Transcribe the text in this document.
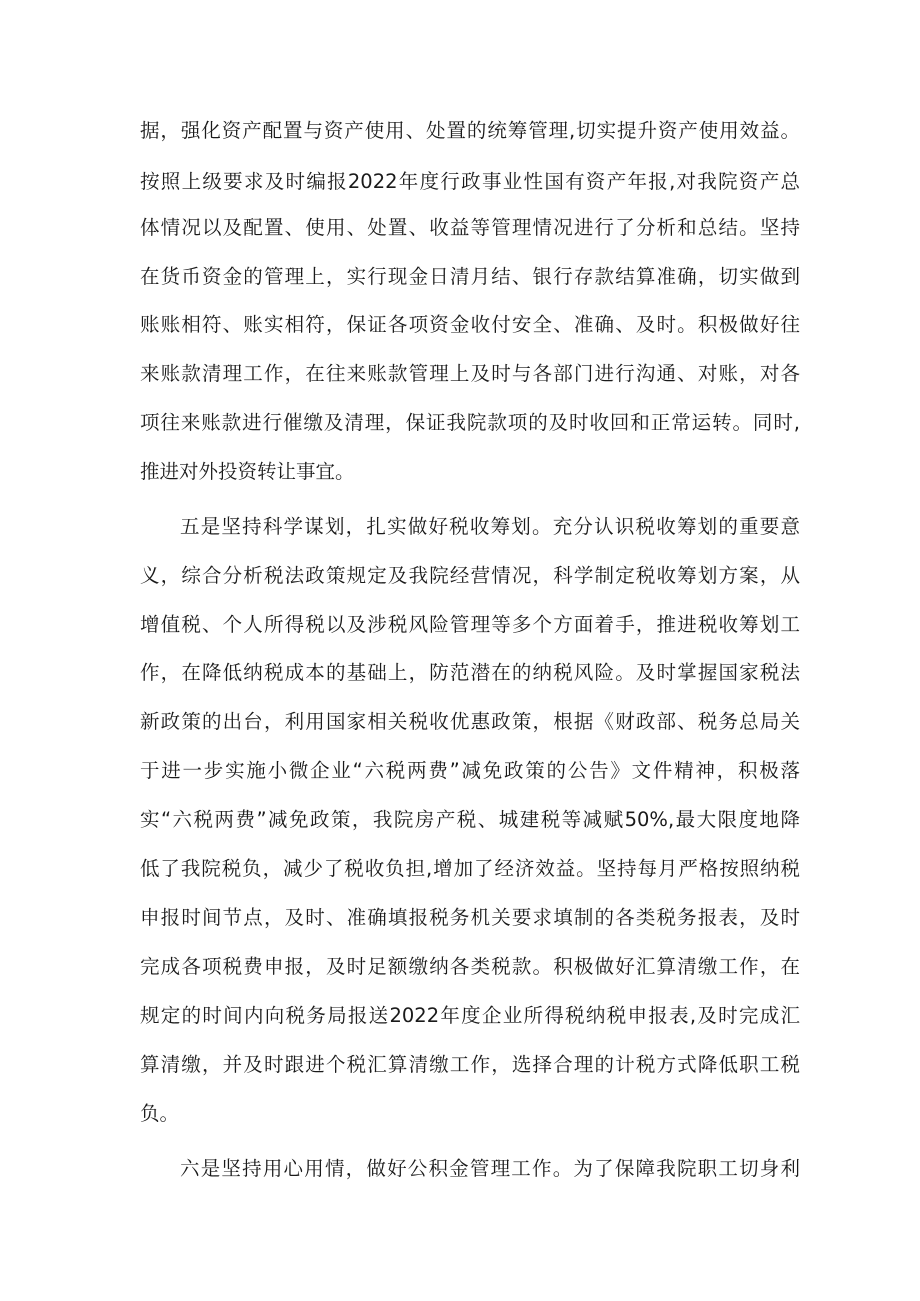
据，强化资产配置与资产使用、处置的统筹管理,切实提升资产使用效益。
按照上级要求及时编报2022年度行政事业性国有资产年报,对我院资产总
体情况以及配置、使用、处置、收益等管理情况进行了分析和总结。坚持
在货币资金的管理上，实行现金日清月结、银行存款结算准确，切实做到
账账相符、账实相符，保证各项资金收付安全、准确、及时。积极做好往
来账款清理工作，在往来账款管理上及时与各部门进行沟通、对账，对各
项往来账款进行催缴及清理，保证我院款项的及时收回和正常运转。同时,
推进对外投资转让事宜。
五是坚持科学谋划，扎实做好税收筹划。充分认识税收筹划的重要意
义，综合分析税法政策规定及我院经营情况，科学制定税收筹划方案，从
增值税、个人所得税以及涉税风险管理等多个方面着手，推进税收筹划工
作，在降低纳税成本的基础上，防范潜在的纳税风险。及时掌握国家税法
新政策的出台，利用国家相关税收优惠政策，根据《财政部、税务总局关
于进一步实施小微企业“六税两费”减免政策的公告》文件精神，积极落
实“六税两费”减免政策，我院房产税、城建税等减赋50%,最大限度地降
低了我院税负，减少了税收负担,增加了经济效益。坚持每月严格按照纳税
申报时间节点，及时、准确填报税务机关要求填制的各类税务报表，及时
完成各项税费申报，及时足额缴纳各类税款。积极做好汇算清缴工作，在
规定的时间内向税务局报送2022年度企业所得税纳税申报表,及时完成汇
算清缴，并及时跟进个税汇算清缴工作，选择合理的计税方式降低职工税
负。
六是坚持用心用情，做好公积金管理工作。为了保障我院职工切身利
